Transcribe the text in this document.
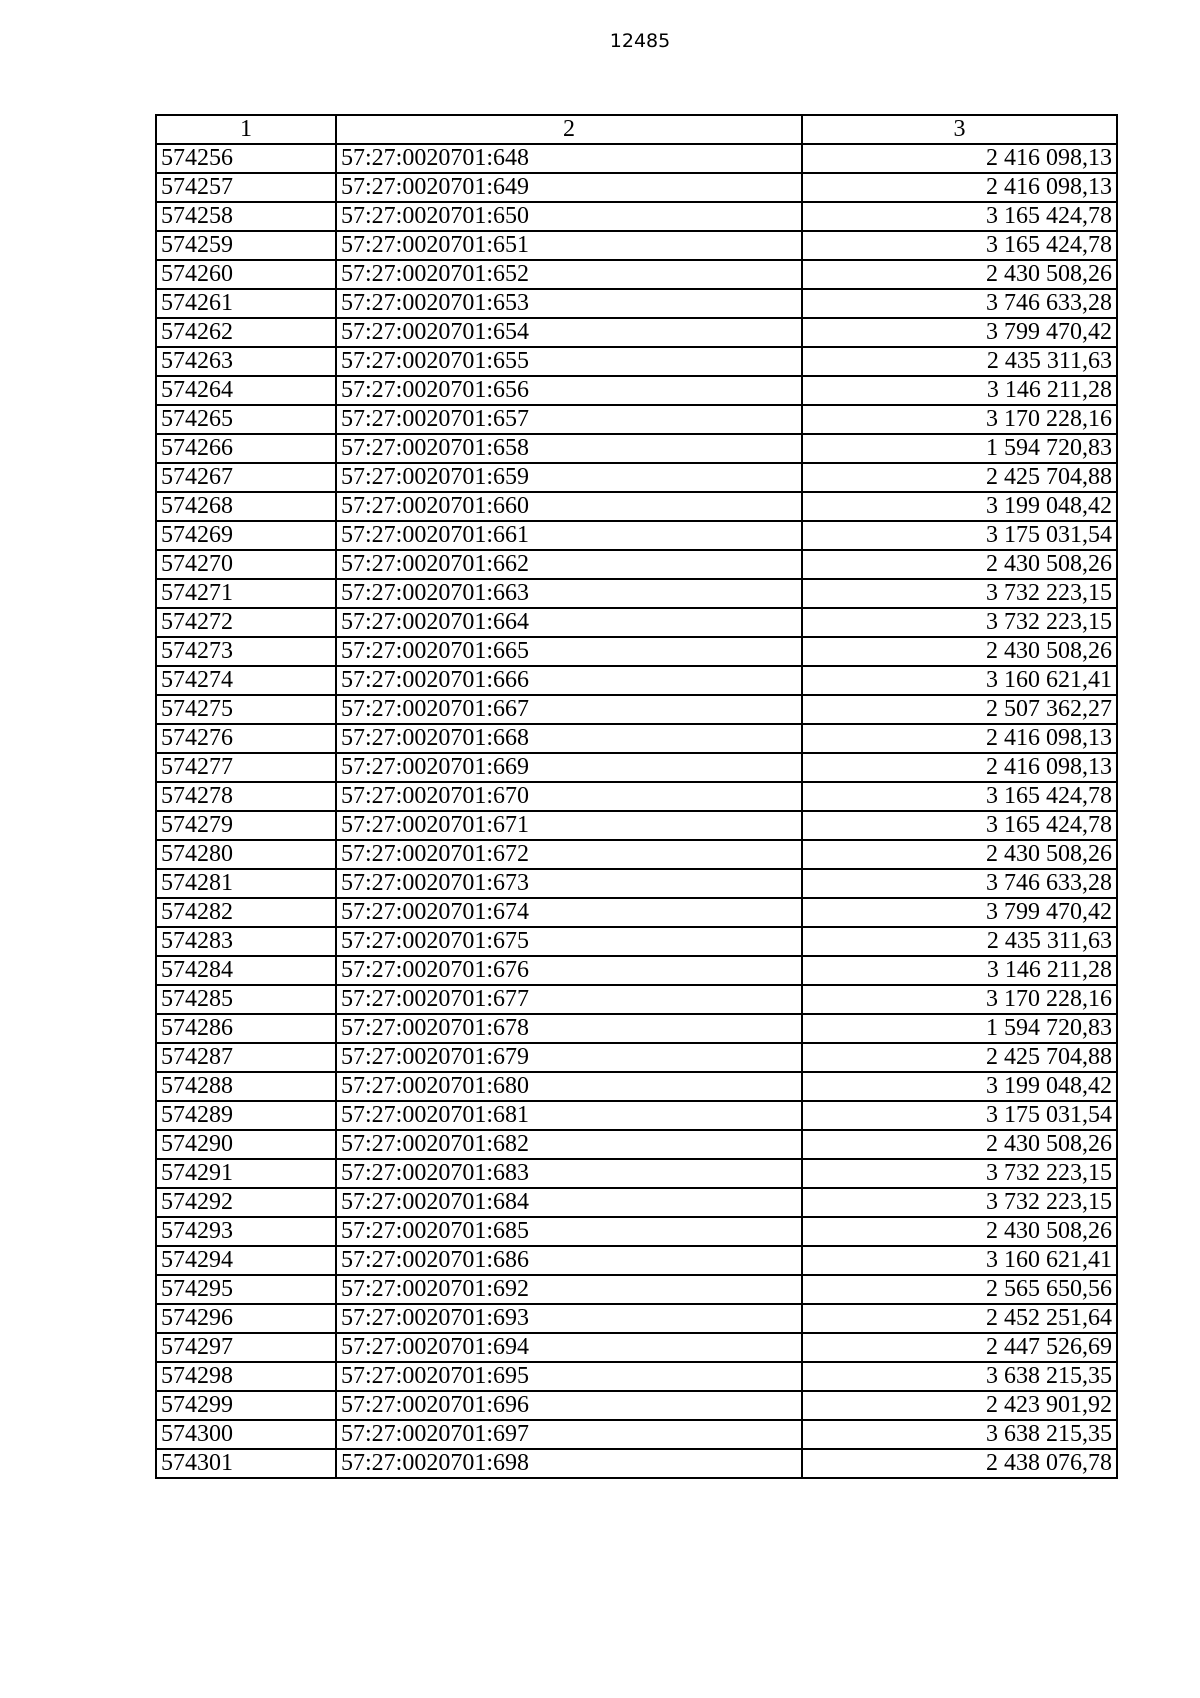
12485
1	2	3
574256	57:27:0020701:648	2 416 098,13
574257	57:27:0020701:649	2 416 098,13
574258	57:27:0020701:650	3 165 424,78
574259	57:27:0020701:651	3 165 424,78
574260	57:27:0020701:652	2 430 508,26
574261	57:27:0020701:653	3 746 633,28
574262	57:27:0020701:654	3 799 470,42
574263	57:27:0020701:655	2 435 311,63
574264	57:27:0020701:656	3 146 211,28
574265	57:27:0020701:657	3 170 228,16
574266	57:27:0020701:658	1 594 720,83
574267	57:27:0020701:659	2 425 704,88
574268	57:27:0020701:660	3 199 048,42
574269	57:27:0020701:661	3 175 031,54
574270	57:27:0020701:662	2 430 508,26
574271	57:27:0020701:663	3 732 223,15
574272	57:27:0020701:664	3 732 223,15
574273	57:27:0020701:665	2 430 508,26
574274	57:27:0020701:666	3 160 621,41
574275	57:27:0020701:667	2 507 362,27
574276	57:27:0020701:668	2 416 098,13
574277	57:27:0020701:669	2 416 098,13
574278	57:27:0020701:670	3 165 424,78
574279	57:27:0020701:671	3 165 424,78
574280	57:27:0020701:672	2 430 508,26
574281	57:27:0020701:673	3 746 633,28
574282	57:27:0020701:674	3 799 470,42
574283	57:27:0020701:675	2 435 311,63
574284	57:27:0020701:676	3 146 211,28
574285	57:27:0020701:677	3 170 228,16
574286	57:27:0020701:678	1 594 720,83
574287	57:27:0020701:679	2 425 704,88
574288	57:27:0020701:680	3 199 048,42
574289	57:27:0020701:681	3 175 031,54
574290	57:27:0020701:682	2 430 508,26
574291	57:27:0020701:683	3 732 223,15
574292	57:27:0020701:684	3 732 223,15
574293	57:27:0020701:685	2 430 508,26
574294	57:27:0020701:686	3 160 621,41
574295	57:27:0020701:692	2 565 650,56
574296	57:27:0020701:693	2 452 251,64
574297	57:27:0020701:694	2 447 526,69
574298	57:27:0020701:695	3 638 215,35
574299	57:27:0020701:696	2 423 901,92
574300	57:27:0020701:697	3 638 215,35
574301	57:27:0020701:698	2 438 076,78
